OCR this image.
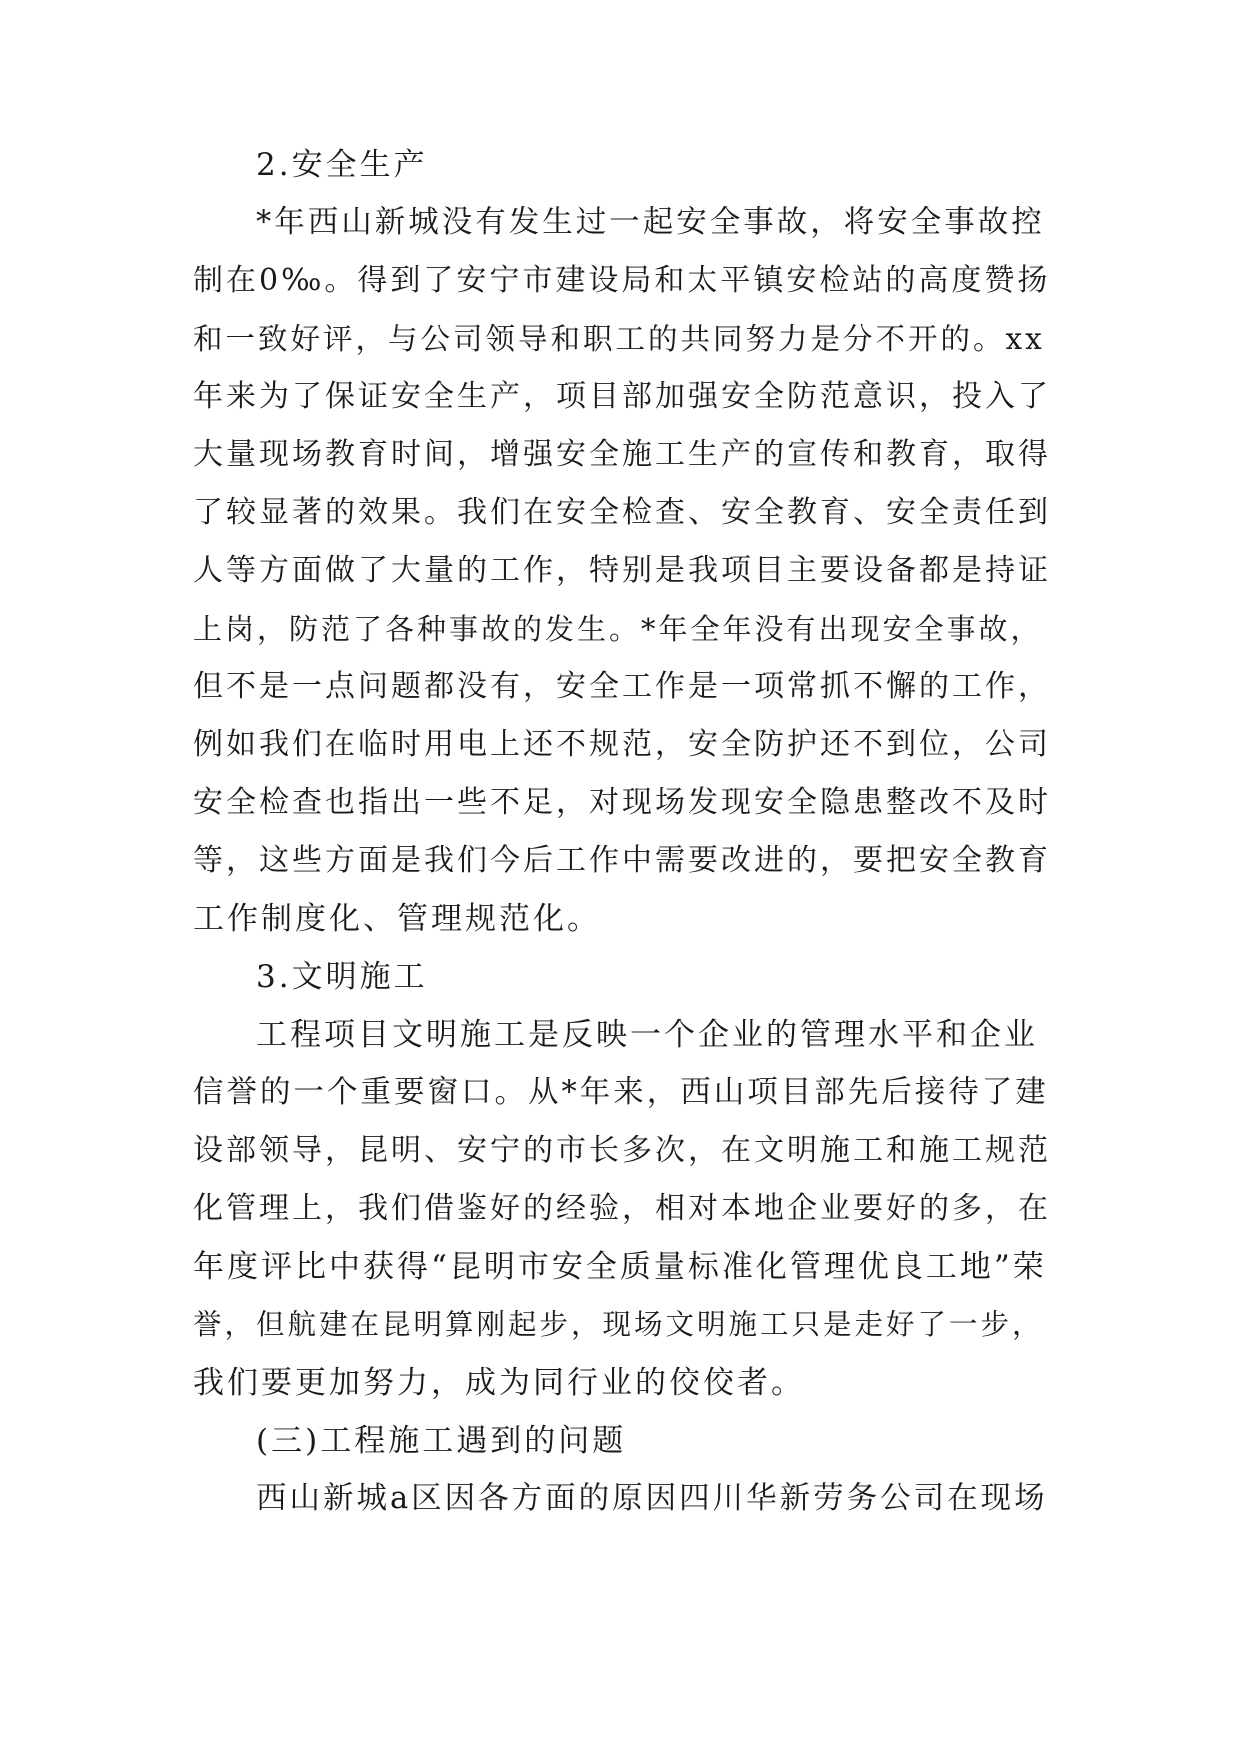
2.安全生产
*年西山新城没有发生过一起安全事故，将安全事故控
制在0‰。得到了安宁市建设局和太平镇安检站的高度赞扬
和一致好评，与公司领导和职工的共同努力是分不开的。xx
年来为了保证安全生产，项目部加强安全防范意识，投入了
大量现场教育时间，增强安全施工生产的宣传和教育，取得
了较显著的效果。我们在安全检查、安全教育、安全责任到
人等方面做了大量的工作，特别是我项目主要设备都是持证
上岗，防范了各种事故的发生。*年全年没有出现安全事故，
但不是一点问题都没有，安全工作是一项常抓不懈的工作，
例如我们在临时用电上还不规范，安全防护还不到位，公司
安全检查也指出一些不足，对现场发现安全隐患整改不及时
等，这些方面是我们今后工作中需要改进的，要把安全教育
工作制度化、管理规范化。
3.文明施工
工程项目文明施工是反映一个企业的管理水平和企业
信誉的一个重要窗口。从*年来，西山项目部先后接待了建
设部领导，昆明、安宁的市长多次，在文明施工和施工规范
化管理上，我们借鉴好的经验，相对本地企业要好的多，在
年度评比中获得“昆明市安全质量标准化管理优良工地”荣
誉，但航建在昆明算刚起步，现场文明施工只是走好了一步，
我们要更加努力，成为同行业的佼佼者。
(三)工程施工遇到的问题
西山新城a区因各方面的原因四川华新劳务公司在现场
